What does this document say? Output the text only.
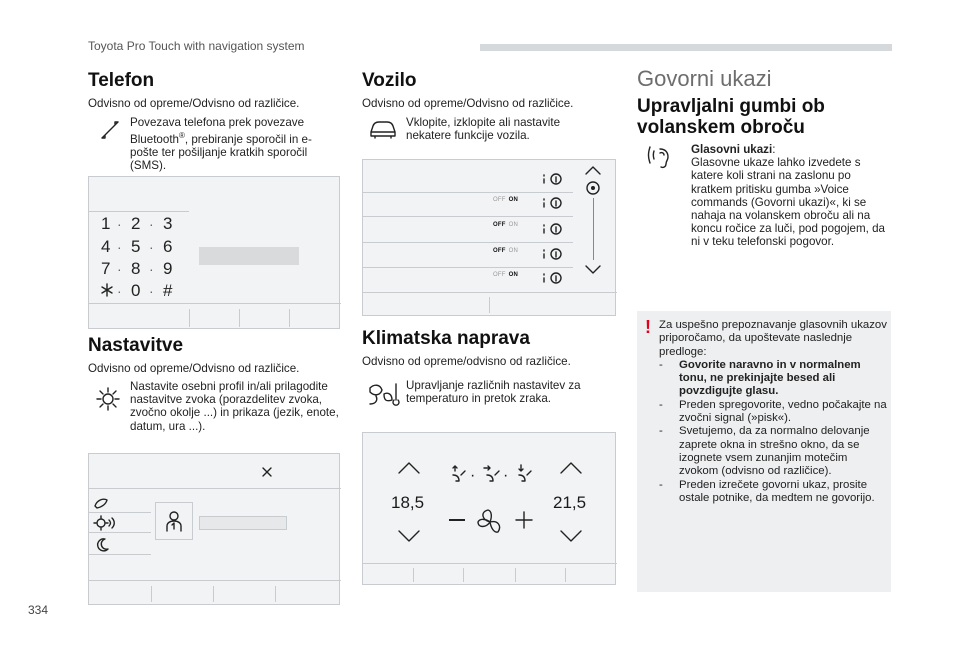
Toyota Pro Touch with navigation system
334
Telefon
Odvisno od opreme/Odvisno od različice.
Povezava telefona prek povezave Bluetooth®, prebiranje sporočil in e-pošte ter pošiljanje kratkih sporočil (SMS).
1 2 3
4 5 6
7 8 9
0 #
· ·
· ·
· ·
· ·
Nastavitve
Odvisno od opreme/Odvisno od različice.
Nastavite osebni profil in/ali prilagodite nastavitve zvoka (porazdelitev zvoka, zvočno okolje ...) in prikaza (jezik, enote, datum, ura ...).
Vozilo
Odvisno od opreme/Odvisno od različice.
Vklopite, izklopite ali nastavite nekatere funkcije vozila.
OFF ON
OFF ON
OFF ON
OFF ON
Klimatska naprava
Odvisno od opreme/odvisno od različice.
Upravljanje različnih nastavitev za temperaturo in pretok zraka.
18,5	21,5
· ·
Govorni ukazi
Upravljalni gumbi ob
volanskem obroču
Glasovni ukazi:
Glasovne ukaze lahko izvedete s katere koli strani na zaslonu po kratkem pritisku gumba »Voice commands (Govorni ukazi)«, ki se nahaja na volanskem obroču ali na koncu ročice za luči, pod pogojem, da ni v teku telefonski pogovor.
! Za uspešno prepoznavanje glasovnih ukazov priporočamo, da upoštevate naslednje predloge:

- Govorite naravno in v normalnem tonu, ne prekinjajte besed ali povzdigujte glasu.

- Preden spregovorite, vedno počakajte na zvočni signal (»pisk«).

- Svetujemo, da za normalno delovanje zaprete okna in strešno okno, da se izognete vsem zunanjim motečim zvokom (odvisno od različice).

- Preden izrečete govorni ukaz, prosite ostale potnike, da medtem ne govorijo.
